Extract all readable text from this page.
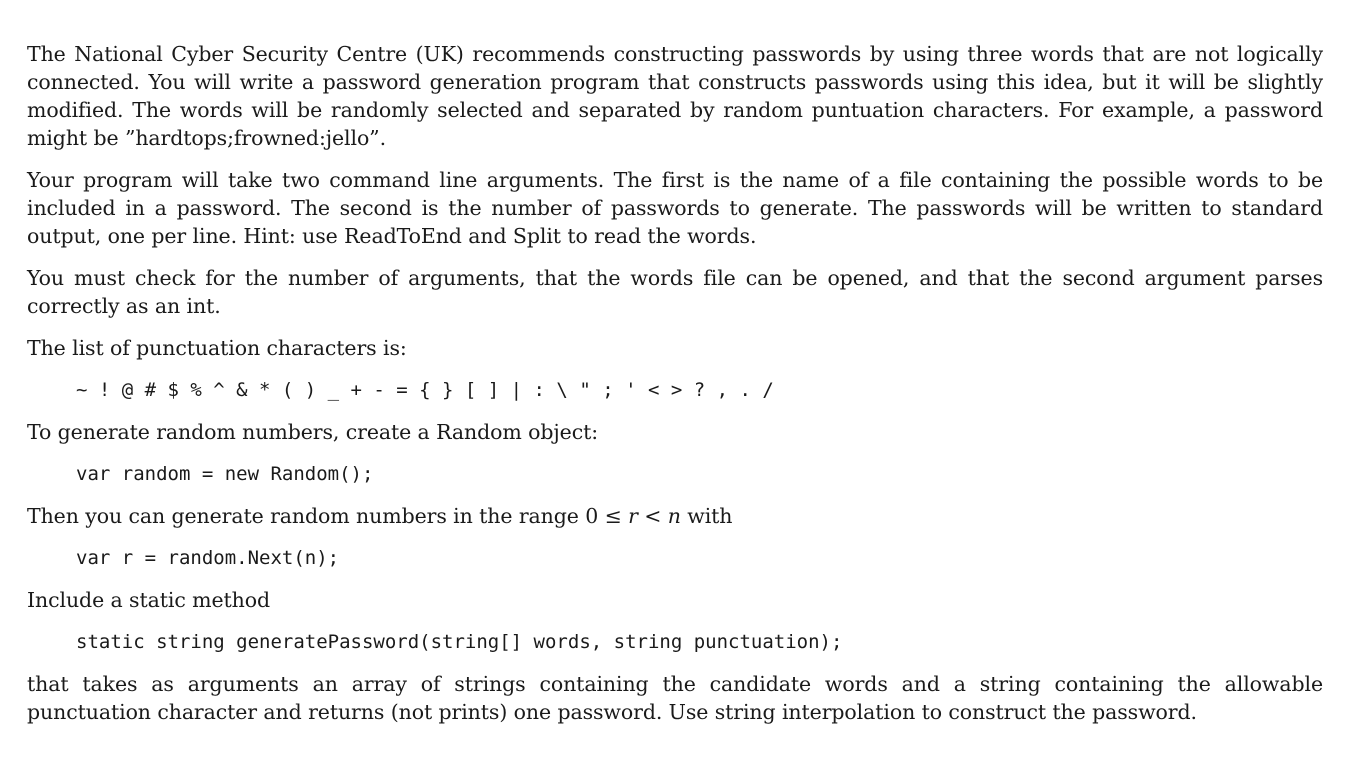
The National Cyber Security Centre (UK) recommends constructing passwords by using three words that are not logically connected. You will write a password generation program that constructs passwords using this idea, but it will be slightly modified. The words will be randomly selected and separated by random puntuation characters. For example, a password might be ”hardtops;frowned:jello”.

Your program will take two command line arguments. The first is the name of a file containing the possible words to be included in a password. The second is the number of passwords to generate. The passwords will be written to standard output, one per line. Hint: use ReadToEnd and Split to read the words.

You must check for the number of arguments, that the words file can be opened, and that the second argument parses correctly as an int.

The list of punctuation characters is:

~ ! @ # $ % ^ & * ( ) _ + - = { } [ ] | : \ " ; ' < > ? , . /

To generate random numbers, create a Random object:

var random = new Random();

Then you can generate random numbers in the range 0 ≤ r < n with

var r = random.Next(n);

Include a static method

static string generatePassword(string[] words, string punctuation);

that takes as arguments an array of strings containing the candidate words and a string containing the allowable punctuation character and returns (not prints) one password. Use string interpolation to construct the password.
